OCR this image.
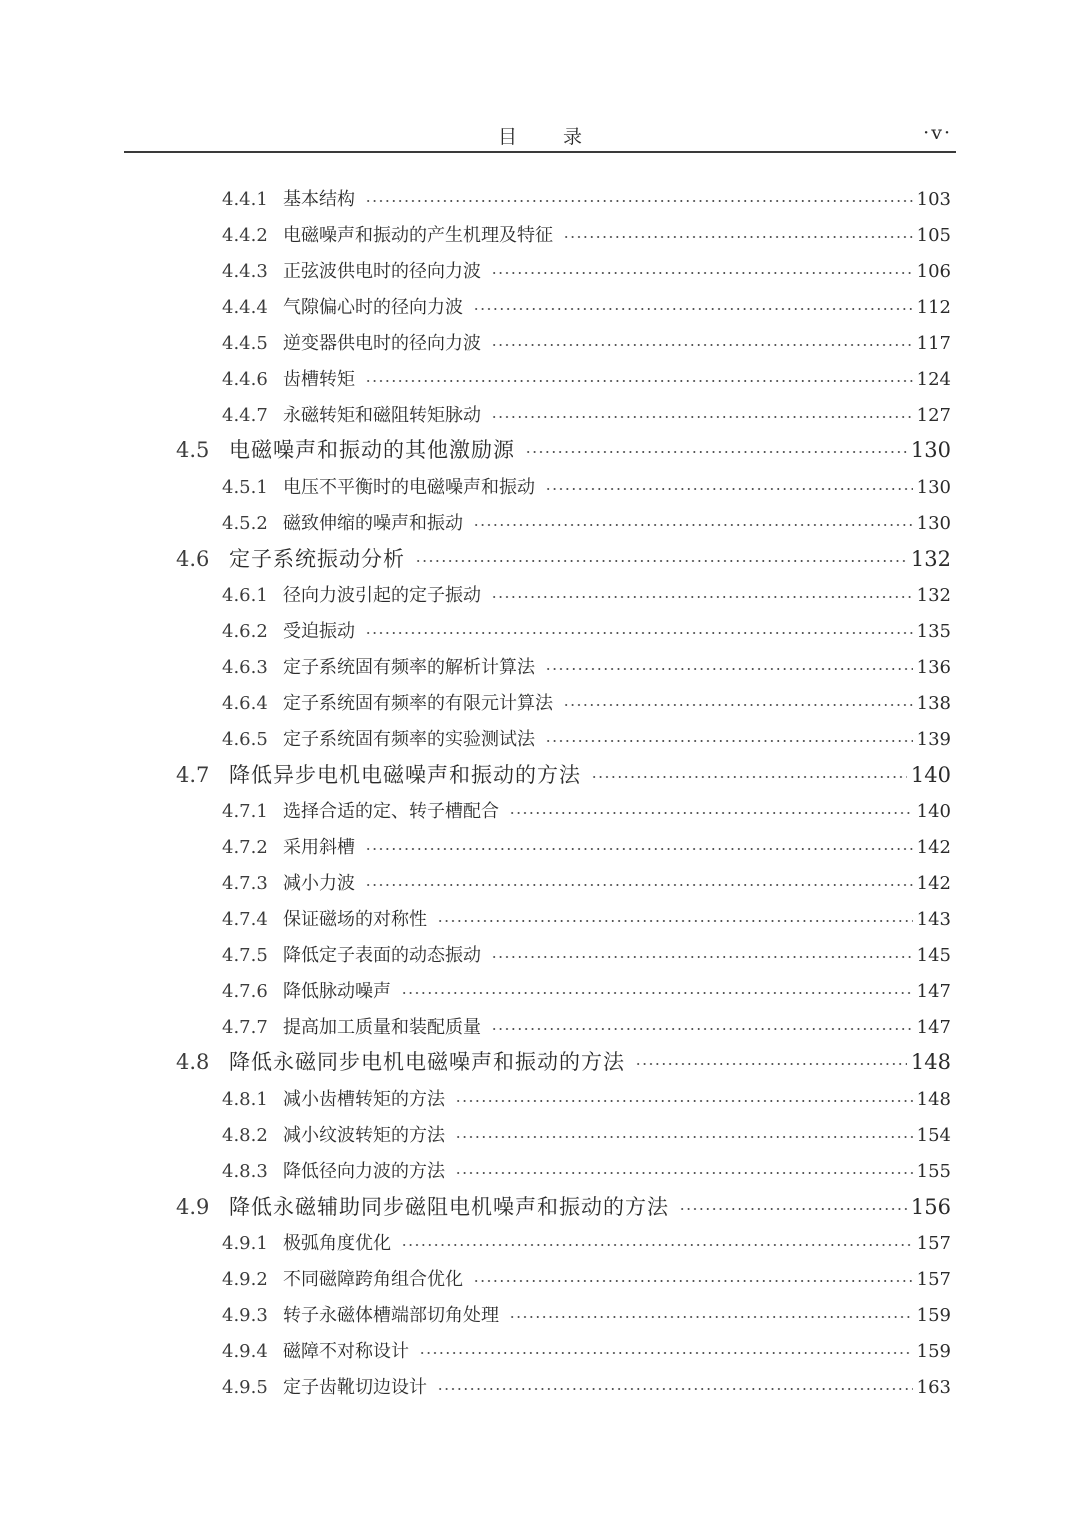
目录	·v·
4.4.1 基本结构	103
4.4.2 电磁噪声和振动的产生机理及特征	105
4.4.3 正弦波供电时的径向力波	106
4.4.4 气隙偏心时的径向力波	112
4.4.5 逆变器供电时的径向力波	117
4.4.6 齿槽转矩	124
4.4.7 永磁转矩和磁阻转矩脉动	127
4.5 电磁噪声和振动的其他激励源	130
4.5.1 电压不平衡时的电磁噪声和振动	130
4.5.2 磁致伸缩的噪声和振动	130
4.6 定子系统振动分析	132
4.6.1 径向力波引起的定子振动	132
4.6.2 受迫振动	135
4.6.3 定子系统固有频率的解析计算法	136
4.6.4 定子系统固有频率的有限元计算法	138
4.6.5 定子系统固有频率的实验测试法	139
4.7 降低异步电机电磁噪声和振动的方法	140
4.7.1 选择合适的定、转子槽配合	140
4.7.2 采用斜槽	142
4.7.3 减小力波	142
4.7.4 保证磁场的对称性	143
4.7.5 降低定子表面的动态振动	145
4.7.6 降低脉动噪声	147
4.7.7 提高加工质量和装配质量	147
4.8 降低永磁同步电机电磁噪声和振动的方法	148
4.8.1 减小齿槽转矩的方法	148
4.8.2 减小纹波转矩的方法	154
4.8.3 降低径向力波的方法	155
4.9 降低永磁辅助同步磁阻电机噪声和振动的方法	156
4.9.1 极弧角度优化	157
4.9.2 不同磁障跨角组合优化	157
4.9.3 转子永磁体槽端部切角处理	159
4.9.4 磁障不对称设计	159
4.9.5 定子齿靴切边设计	163
